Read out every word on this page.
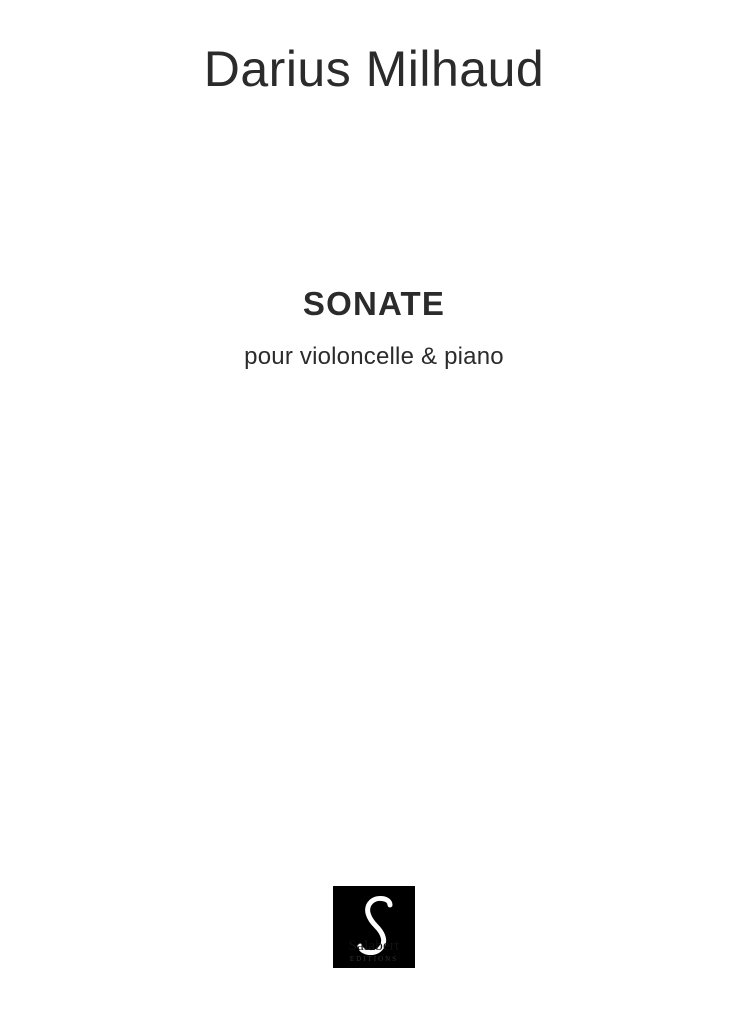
Darius Milhaud
SONATE
pour violoncelle & piano
Salabert
EDITIONS
